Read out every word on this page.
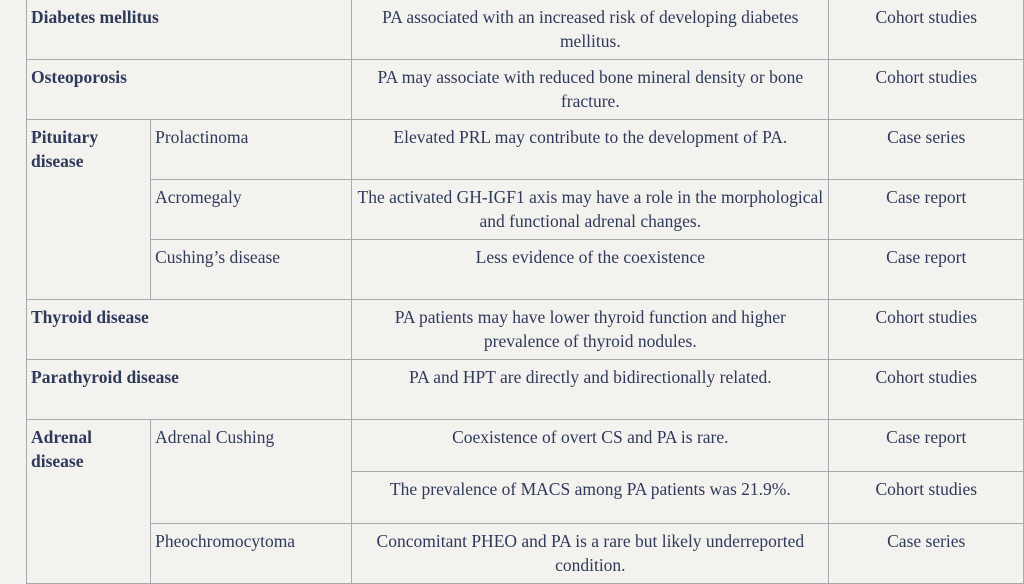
Diabetes mellitus		PA associated with an increased risk of developing diabetes mellitus.	Cohort studies
Osteoporosis		PA may associate with reduced bone mineral density or bone fracture.	Cohort studies
Pituitary disease	Prolactinoma	Elevated PRL may contribute to the development of PA.	Case series
	Acromegaly	The activated GH-IGF1 axis may have a role in the morphological and functional adrenal changes.	Case report
	Cushing’s disease	Less evidence of the coexistence	Case report
Thyroid disease		PA patients may have lower thyroid function and higher prevalence of thyroid nodules.	Cohort studies
Parathyroid disease		PA and HPT are directly and bidirectionally related.	Cohort studies
Adrenal disease	Adrenal Cushing	Coexistence of overt CS and PA is rare.	Case report
		The prevalence of MACS among PA patients was 21.9%.	Cohort studies
	Pheochromocytoma	Concomitant PHEO and PA is a rare but likely underreported condition.	Case series
